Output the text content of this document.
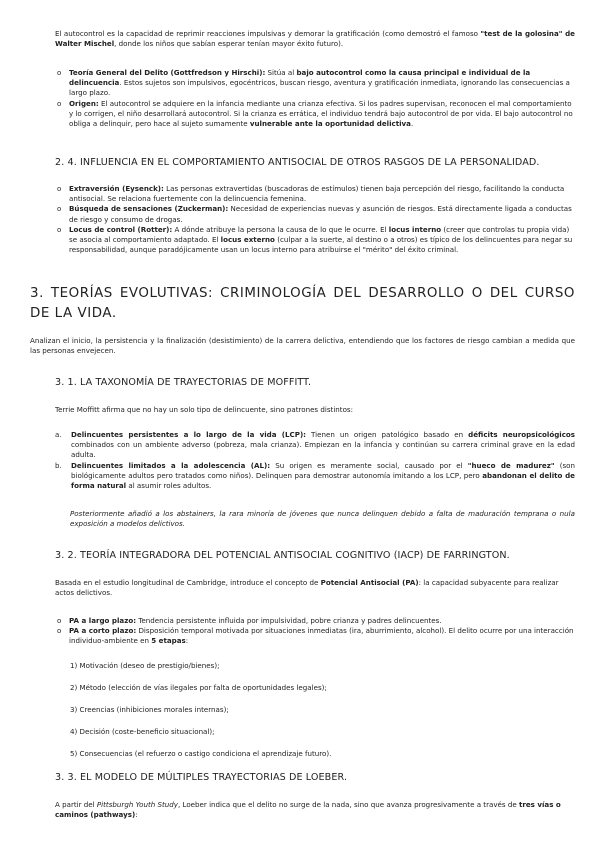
El autocontrol es la capacidad de reprimir reacciones impulsivas y demorar la gratificación (como demostró el famoso "test de la golosina" de Walter Mischel, donde los niños que sabían esperar tenían mayor éxito futuro).

o Teoría General del Delito (Gottfredson y Hirschi): Sitúa al bajo autocontrol como la causa principal e individual de la delincuencia. Estos sujetos son impulsivos, egocéntricos, buscan riesgo, aventura y gratificación inmediata, ignorando las consecuencias a largo plazo.
o Origen: El autocontrol se adquiere en la infancia mediante una crianza efectiva. Si los padres supervisan, reconocen el mal comportamiento y lo corrigen, el niño desarrollará autocontrol. Si la crianza es errática, el individuo tendrá bajo autocontrol de por vida. El bajo autocontrol no obliga a delinquir, pero hace al sujeto sumamente vulnerable ante la oportunidad delictiva.
2. 4. INFLUENCIA EN EL COMPORTAMIENTO ANTISOCIAL DE OTROS RASGOS DE LA PERSONALIDAD.
o Extraversión (Eysenck): Las personas extravertidas (buscadoras de estímulos) tienen baja percepción del riesgo, facilitando la conducta antisocial. Se relaciona fuertemente con la delincuencia femenina.
o Búsqueda de sensaciones (Zuckerman): Necesidad de experiencias nuevas y asunción de riesgos. Está directamente ligada a conductas de riesgo y consumo de drogas.
o Locus de control (Rotter): A dónde atribuye la persona la causa de lo que le ocurre. El locus interno (creer que controlas tu propia vida) se asocia al comportamiento adaptado. El locus externo (culpar a la suerte, al destino o a otros) es típico de los delincuentes para negar su responsabilidad, aunque paradójicamente usan un locus interno para atribuirse el "mérito" del éxito criminal.
3. TEORÍAS EVOLUTIVAS: CRIMINOLOGÍA DEL DESARROLLO O DEL CURSO DE LA VIDA.

Analizan el inicio, la persistencia y la finalización (desistimiento) de la carrera delictiva, entendiendo que los factores de riesgo cambian a medida que las personas envejecen.

3. 1. LA TAXONOMÍA DE TRAYECTORIAS DE MOFFITT.

Terrie Moffitt afirma que no hay un solo tipo de delincuente, sino patrones distintos:

a. Delincuentes persistentes a lo largo de la vida (LCP): Tienen un origen patológico basado en déficits neuropsicológicos combinados con un ambiente adverso (pobreza, mala crianza). Empiezan en la infancia y continúan su carrera criminal grave en la edad adulta.
b. Delincuentes limitados a la adolescencia (AL): Su origen es meramente social, causado por el "hueco de madurez" (son biológicamente adultos pero tratados como niños). Delinquen para demostrar autonomía imitando a los LCP, pero abandonan el delito de forma natural al asumir roles adultos.

Posteriormente añadió a los abstainers, la rara minoría de jóvenes que nunca delinquen debido a falta de maduración temprana o nula exposición a modelos delictivos.

3. 2. TEORÍA INTEGRADORA DEL POTENCIAL ANTISOCIAL COGNITIVO (IACP) DE FARRINGTON.

Basada en el estudio longitudinal de Cambridge, introduce el concepto de Potencial Antisocial (PA): la capacidad subyacente para realizar actos delictivos.

o PA a largo plazo: Tendencia persistente influida por impulsividad, pobre crianza y padres delincuentes.
o PA a corto plazo: Disposición temporal motivada por situaciones inmediatas (ira, aburrimiento, alcohol). El delito ocurre por una interacción individuo-ambiente en 5 etapas:

1) Motivación (deseo de prestigio/bienes);

2) Método (elección de vías ilegales por falta de oportunidades legales);

3) Creencias (inhibiciones morales internas);

4) Decisión (coste-beneficio situacional);

5) Consecuencias (el refuerzo o castigo condiciona el aprendizaje futuro).

3. 3. EL MODELO DE MÚLTIPLES TRAYECTORIAS DE LOEBER.

A partir del Pittsburgh Youth Study, Loeber indica que el delito no surge de la nada, sino que avanza progresivamente a través de tres vías o caminos (pathways):
